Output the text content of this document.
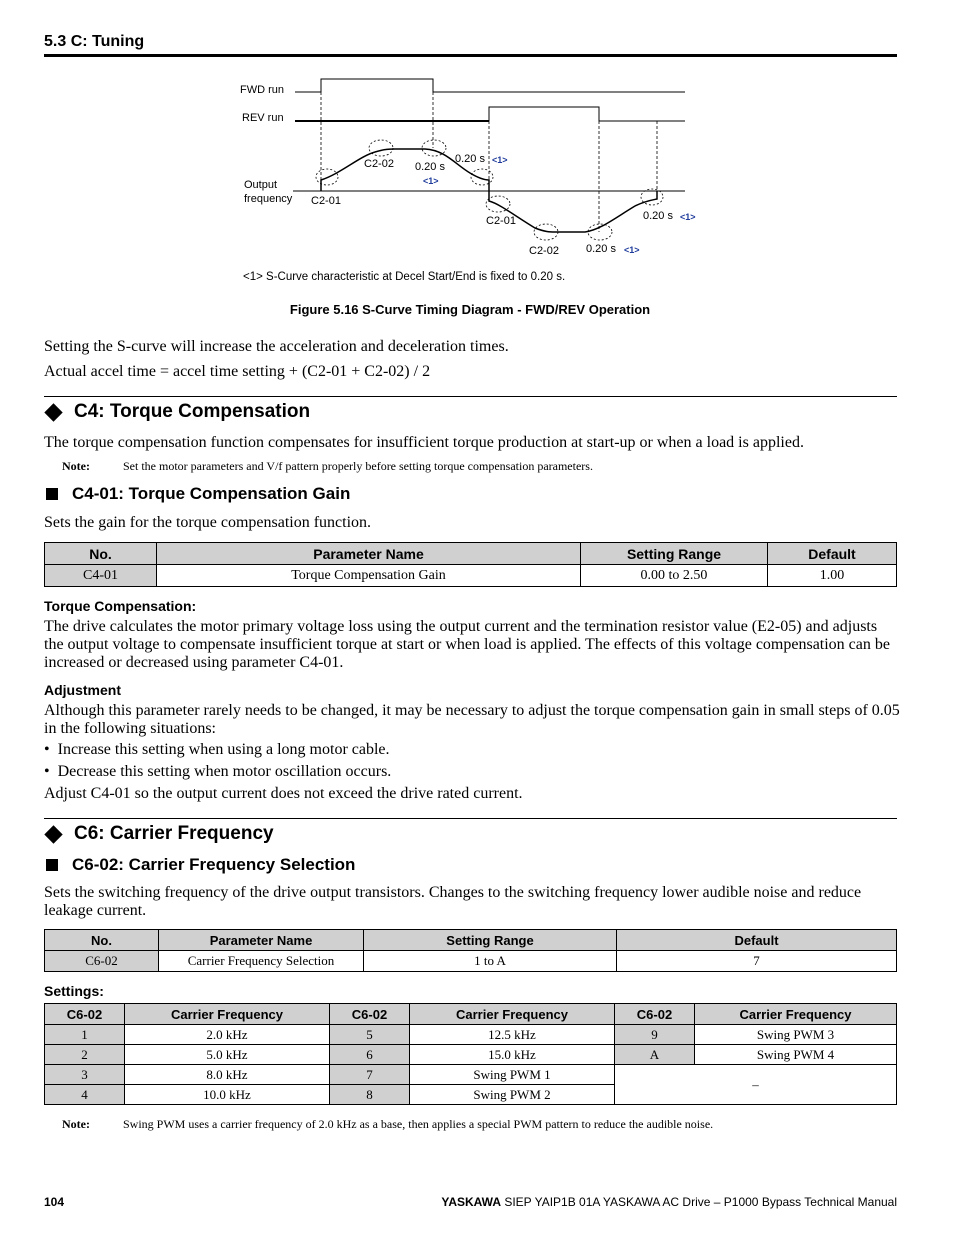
5.3 C: Tuning
FWD run
REV run
Output
frequency C2-01
C2-02 0.20 s
<1>
0.20 s <1>
C2-01
C2-02 0.20 s <1>
0.20 s <1>
<1> S-Curve characteristic at Decel Start/End is fixed to 0.20 s.
Figure 5.16 S-Curve Timing Diagram - FWD/REV Operation
Setting the S-curve will increase the acceleration and deceleration times.
Actual accel time = accel time setting + (C2-01 + C2-02) / 2
C4: Torque Compensation
The torque compensation function compensates for insufficient torque production at start-up or when a load is applied.
Note:	Set the motor parameters and V/f pattern properly before setting torque compensation parameters.
C4-01: Torque Compensation Gain
Sets the gain for the torque compensation function.
No.	Parameter Name	Setting Range	Default
C4-01	Torque Compensation Gain	0.00 to 2.50	1.00
Torque Compensation:
The drive calculates the motor primary voltage loss using the output current and the termination resistor value (E2-05) and adjusts the output voltage to compensate insufficient torque at start or when load is applied. The effects of this voltage compensation can be increased or decreased using parameter C4-01.
Adjustment
Although this parameter rarely needs to be changed, it may be necessary to adjust the torque compensation gain in small steps of 0.05 in the following situations:
•  Increase this setting when using a long motor cable.
•  Decrease this setting when motor oscillation occurs.
Adjust C4-01 so the output current does not exceed the drive rated current.
C6: Carrier Frequency
C6-02: Carrier Frequency Selection
Sets the switching frequency of the drive output transistors. Changes to the switching frequency lower audible noise and reduce leakage current.
No.	Parameter Name	Setting Range	Default
C6-02	Carrier Frequency Selection	1 to A	7
Settings:
C6-02	Carrier Frequency	C6-02	Carrier Frequency	C6-02	Carrier Frequency
1	2.0 kHz	5	12.5 kHz	9	Swing PWM 3
2	5.0 kHz	6	15.0 kHz	A	Swing PWM 4
3	8.0 kHz	7	Swing PWM 1	–	
4	10.0 kHz	8	Swing PWM 2		
Note:	Swing PWM uses a carrier frequency of 2.0 kHz as a base, then applies a special PWM pattern to reduce the audible noise.
104	YASKAWA SIEP YAIP1B 01A YASKAWA AC Drive – P1000 Bypass Technical Manual
